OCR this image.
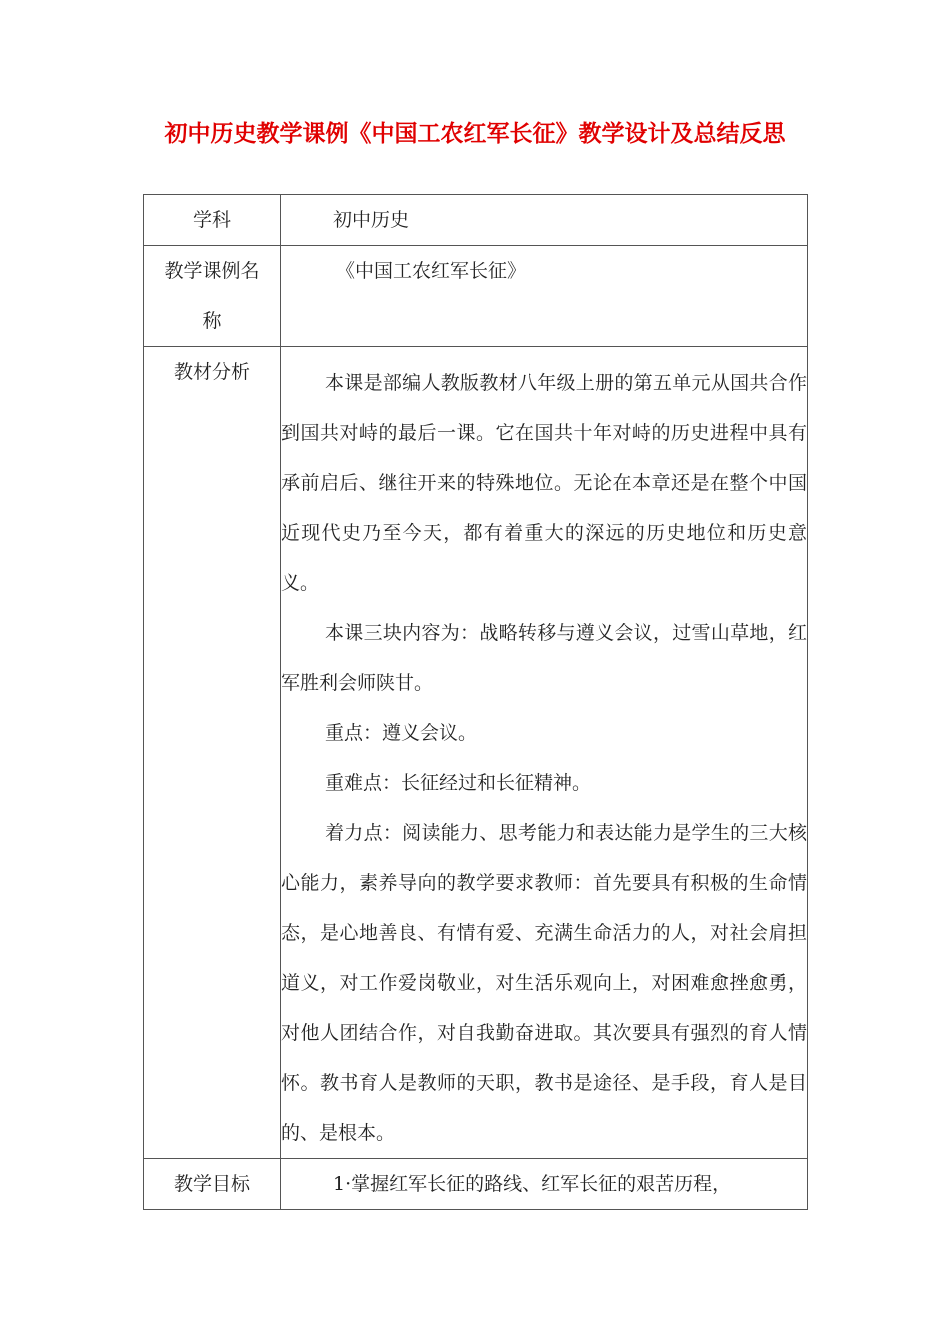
初中历史教学课例《中国工农红军长征》教学设计及总结反思
学科	初中历史

教学课例名称	《中国工农红军长征》
教材分析	本课是部编人教版教材八年级上册的第五单元从国共合作到国共对峙的最后一课。它在国共十年对峙的历史进程中具有承前启后、继往开来的特殊地位。无论在本章还是在整个中国近现代史乃至今天，都有着重大的深远的历史地位和历史意义。

本课三块内容为：战略转移与遵义会议，过雪山草地，红军胜利会师陕甘。

重点：遵义会议。

重难点：长征经过和长征精神。

着力点：阅读能力、思考能力和表达能力是学生的三大核心能力，素养导向的教学要求教师：首先要具有积极的生命情态，是心地善良、有情有爱、充满生命活力的人，对社会肩担道义，对工作爱岗敬业，对生活乐观向上，对困难愈挫愈勇，对他人团结合作，对自我勤奋进取。其次要具有强烈的育人情怀。教书育人是教师的天职，教书是途径、是手段，育人是目的、是根本。

教学目标	1·掌握红军长征的路线、红军长征的艰苦历程，
